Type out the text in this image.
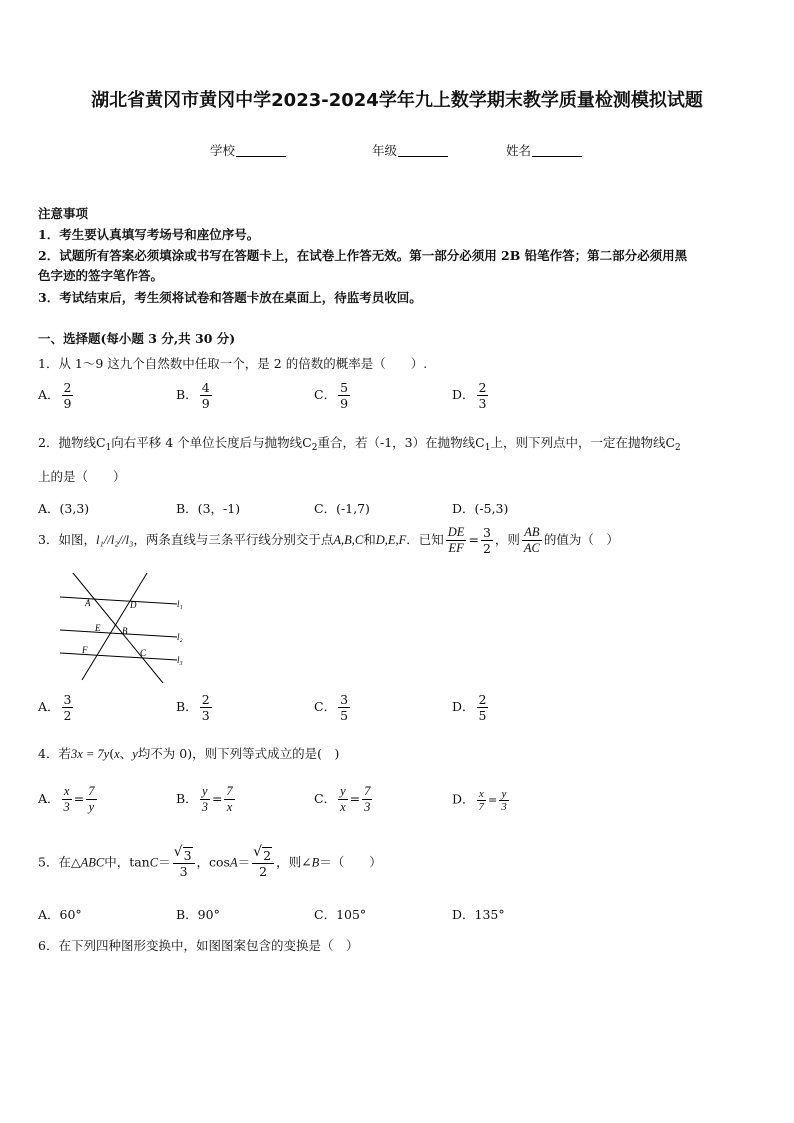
湖北省黄冈市黄冈中学2023-2024学年九上数学期末教学质量检测模拟试题
学校	年级	姓名
注意事项
1．考生要认真填写考场号和座位序号。
2．试题所有答案必须填涂或书写在答题卡上，在试卷上作答无效。第一部分必须用 2B 铅笔作答；第二部分必须用黑
色字迹的签字笔作答。
3．考试结束后，考生须将试卷和答题卡放在桌面上，待监考员收回。
一、选择题(每小题 3 分,共 30 分)
1．从 1～9 这九个自然数中任取一个，是 2 的倍数的概率是（　　）.
A． $\frac{2}{9}$	B． $\frac{4}{9}$	C． $\frac{5}{9}$	D． $\frac{2}{3}$
2．抛物线$C_1$向右平移 4 个单位长度后与抛物线$C_2$重合，若（-1，3）在抛物线$C_1$上，则下列点中，一定在抛物线$C_2$
上的是（　　）
A．(3,3)	B．(3，-1)	C．(-1,7)	D．(-5,3)
3．如图，l₁//l₂//l₃，两条直线与三条平行线分别交于点A,B,C和D,E,F．已知 $\frac{DE}{EF} = \frac{3}{2}$ ，则 $\frac{AB}{AC}$ 的值为（　）
A	D
E B
F	C
l₁
l₂
l₃
A． $\frac{3}{2}$	B． $\frac{2}{3}$	C． $\frac{3}{5}$	D． $\frac{2}{5}$
4．若3x = 7y(x、y均不为 0)，则下列等式成立的是(　)
A． $\frac{x}{3} = \frac{7}{y}$	B． $\frac{y}{3} = \frac{7}{x}$	C． $\frac{y}{x} = \frac{7}{3}$	D． $\frac{x}{7} = \frac{y}{3}$
5．在△ABC中，tanC＝ √ $\frac{3}{3}$ ，cosA＝ √ $\frac{2}{2}$ ，则∠B＝（　　）
A．60°	B．90°	C．105°	D．135°
6．在下列四种图形变换中，如图图案包含的变换是（　）
